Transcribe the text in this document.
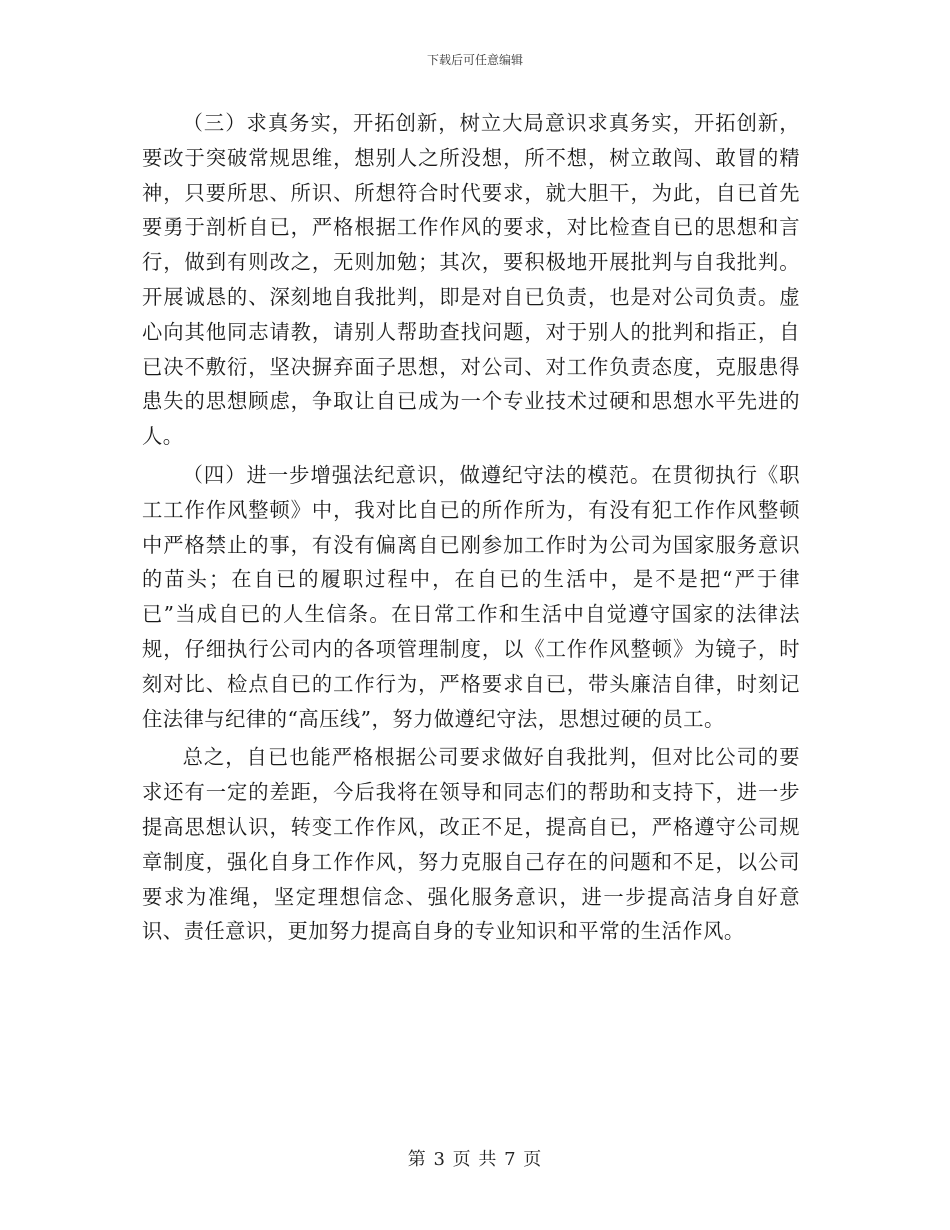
下载后可任意编辑

（三）求真务实，开拓创新，树立大局意识求真务实，开拓创新，要改于突破常规思维，想别人之所没想，所不想，树立敢闯、敢冒的精神，只要所思、所识、所想符合时代要求，就大胆干，为此，自已首先要勇于剖析自已，严格根据工作作风的要求，对比检查自已的思想和言行，做到有则改之，无则加勉；其次，要积极地开展批判与自我批判。开展诚恳的、深刻地自我批判，即是对自已负责，也是对公司负责。虚心向其他同志请教，请别人帮助查找问题，对于别人的批判和指正，自已决不敷衍，坚决摒弃面子思想，对公司、对工作负责态度，克服患得患失的思想顾虑，争取让自已成为一个专业技术过硬和思想水平先进的人。

（四）进一步增强法纪意识，做遵纪守法的模范。在贯彻执行《职工工作作风整顿》中，我对比自已的所作所为，有没有犯工作作风整顿中严格禁止的事，有没有偏离自已刚参加工作时为公司为国家服务意识的苗头；在自已的履职过程中，在自已的生活中，是不是把“严于律已”当成自已的人生信条。在日常工作和生活中自觉遵守国家的法律法规，仔细执行公司内的各项管理制度，以《工作作风整顿》为镜子，时刻对比、检点自已的工作行为，严格要求自已，带头廉洁自律，时刻记住法律与纪律的“高压线”，努力做遵纪守法，思想过硬的员工。

总之，自已也能严格根据公司要求做好自我批判，但对比公司的要求还有一定的差距，今后我将在领导和同志们的帮助和支持下，进一步提高思想认识，转变工作作风，改正不足，提高自已，严格遵守公司规章制度，强化自身工作作风，努力克服自己存在的问题和不足，以公司要求为准绳，坚定理想信念、强化服务意识，进一步提高洁身自好意识、责任意识，更加努力提高自身的专业知识和平常的生活作风。

第 3 页 共 7 页
